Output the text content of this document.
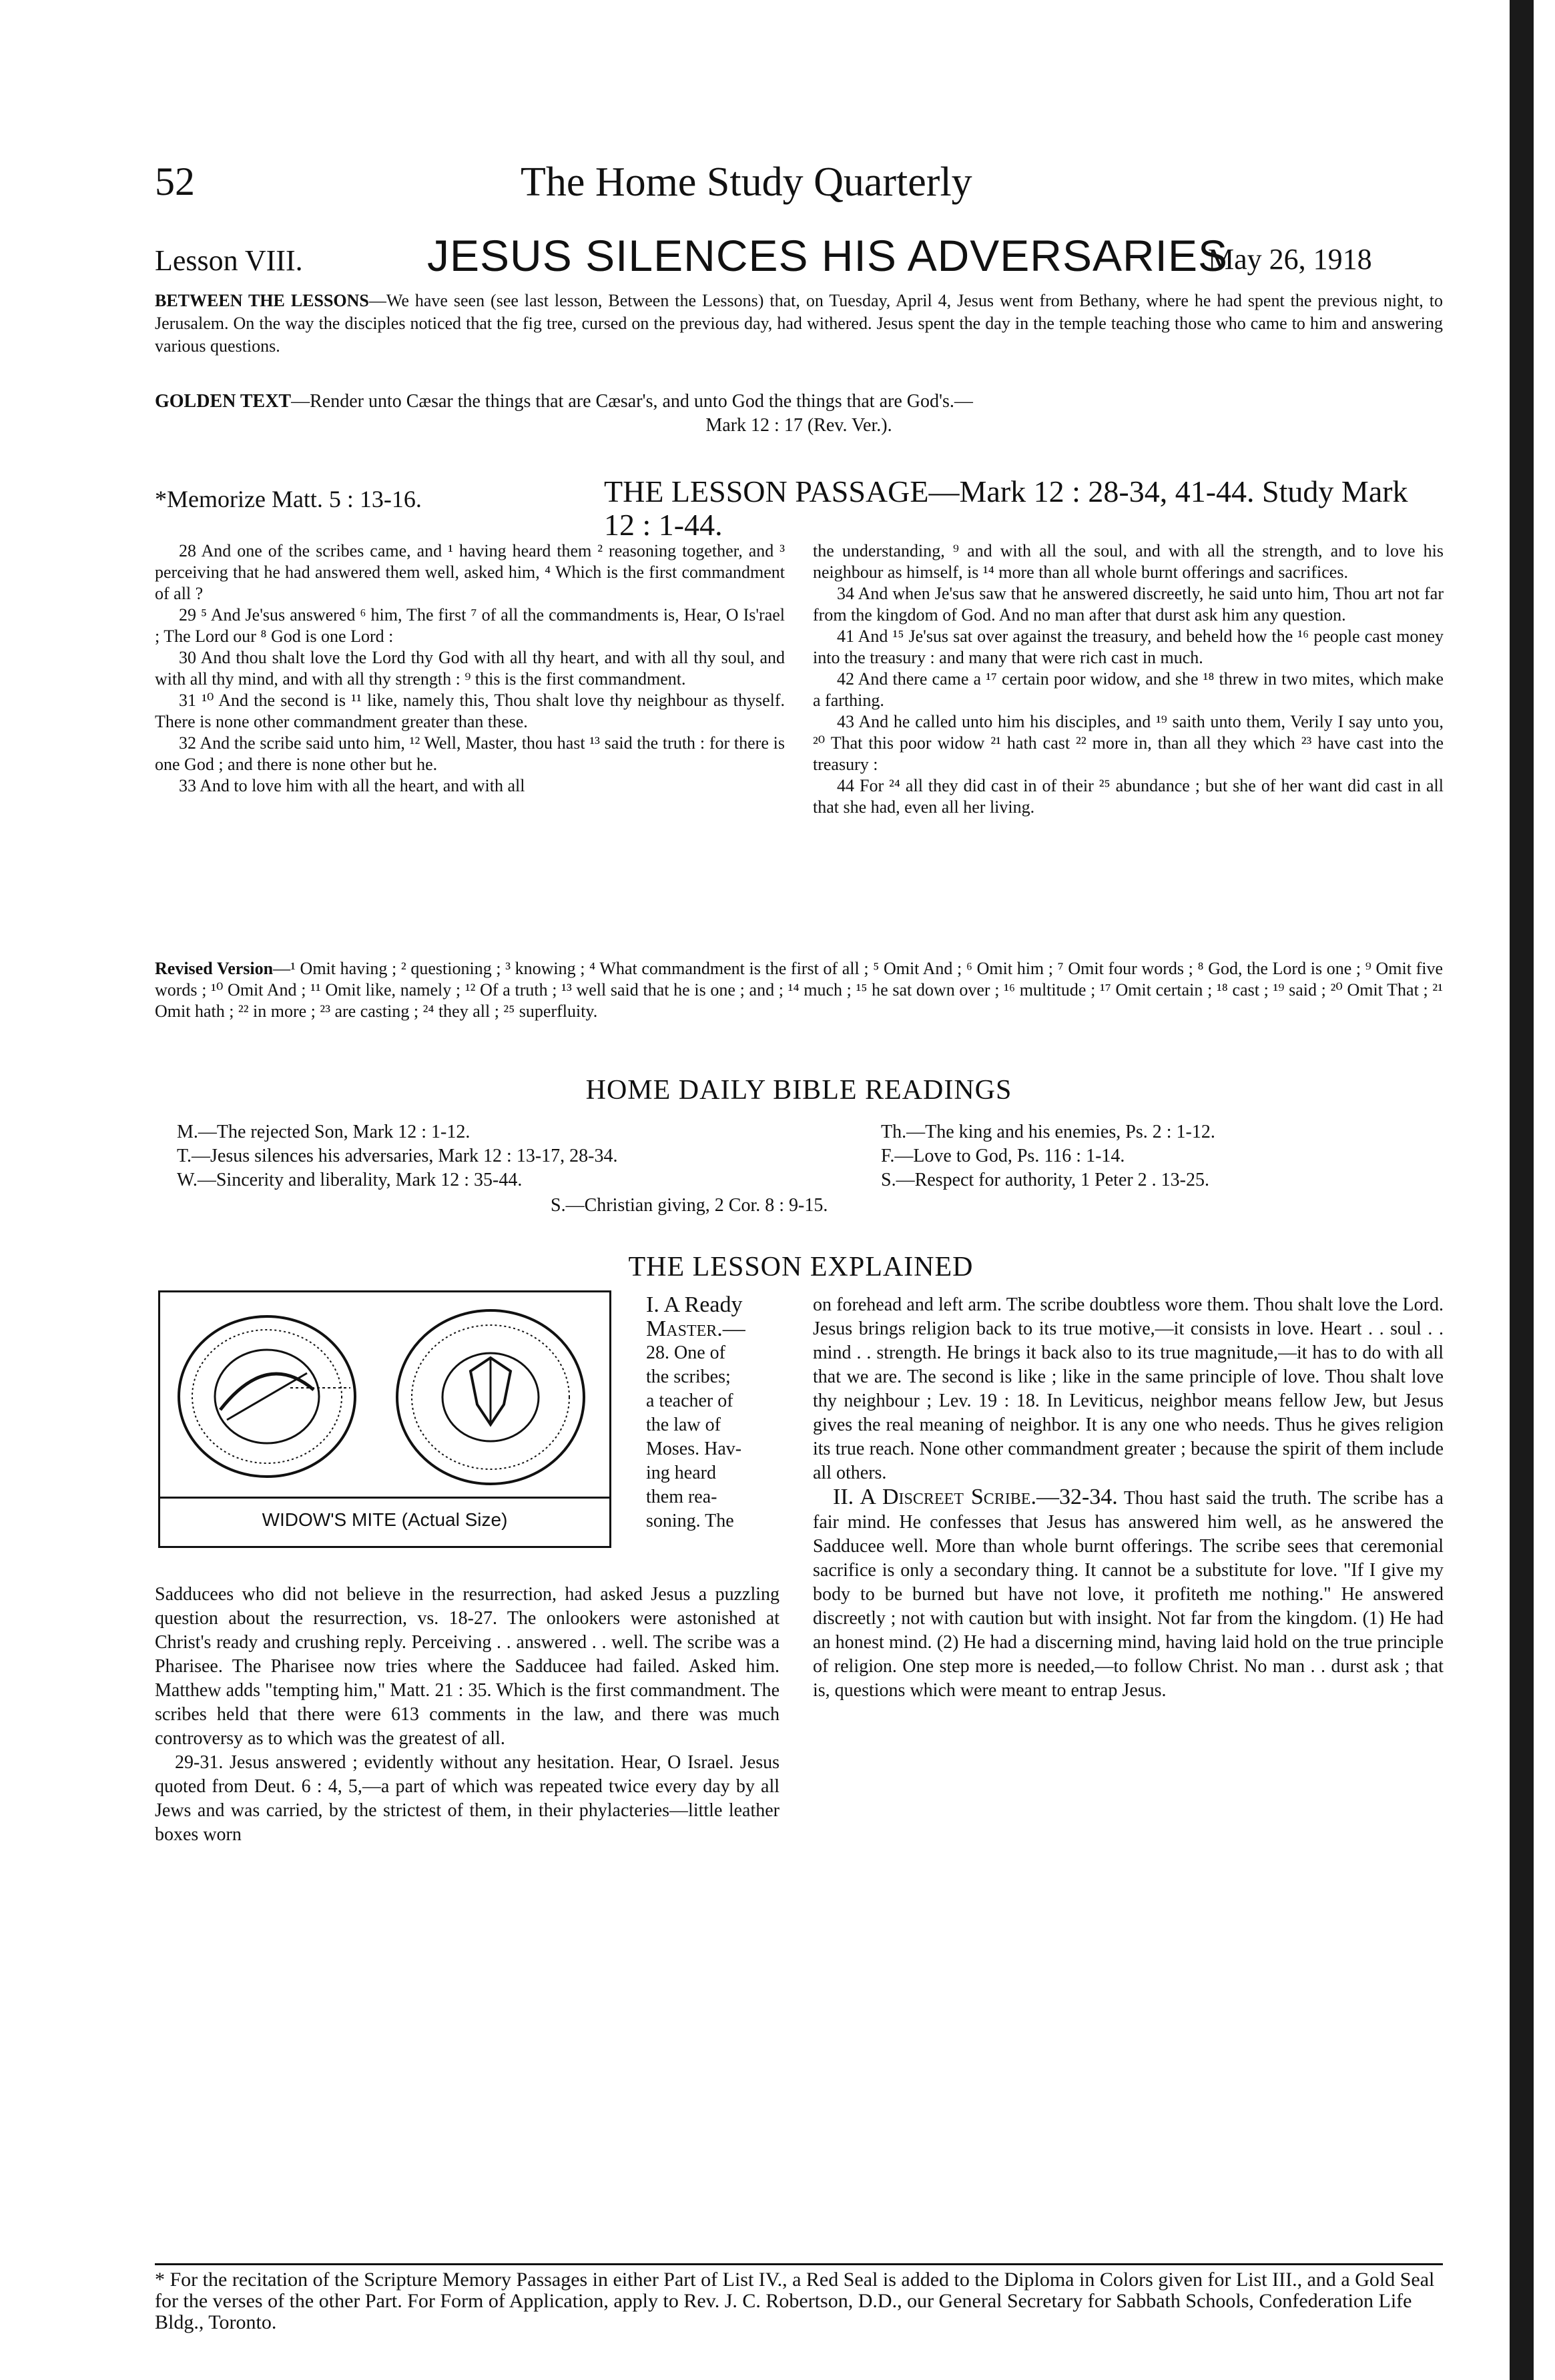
52	The Home Study Quarterly
Lesson VIII.	JESUS SILENCES HIS ADVERSARIES
May 26, 1918
BETWEEN THE LESSONS—We have seen (see last lesson, Between the Lessons) that, on Tuesday, April 4, Jesus went from Bethany, where he had spent the previous night, to Jerusalem. On the way the disciples noticed that the fig tree, cursed on the previous day, had withered. Jesus spent the day in the temple teaching those who came to him and answering various questions.
GOLDEN TEXT—Render unto Cæsar the things that are Cæsar's, and unto God the things that are God's.—
Mark 12 : 17 (Rev. Ver.).
*Memorize Matt. 5 : 13-16.	THE LESSON PASSAGE—Mark 12 : 28-34, 41-44. Study Mark 12 : 1-44.

28 And one of the scribes came, and ¹ having heard them ² reasoning together, and ³ perceiving that he had answered them well, asked him, ⁴ Which is the first commandment of all ?

29 ⁵ And Je'sus answered ⁶ him, The first ⁷ of all the commandments is, Hear, O Is'rael ; The Lord our ⁸ God is one Lord :

30 And thou shalt love the Lord thy God with all thy heart, and with all thy soul, and with all thy mind, and with all thy strength : ⁹ this is the first commandment.

31 ¹⁰ And the second is ¹¹ like, namely this, Thou shalt love thy neighbour as thyself. There is none other commandment greater than these.

32 And the scribe said unto him, ¹² Well, Master, thou hast ¹³ said the truth : for there is one God ; and there is none other but he.

33 And to love him with all the heart, and with all

the understanding, ⁹ and with all the soul, and with all the strength, and to love his neighbour as himself, is ¹⁴ more than all whole burnt offerings and sacrifices.

34 And when Je'sus saw that he answered discreetly, he said unto him, Thou art not far from the kingdom of God. And no man after that durst ask him any question.

41 And ¹⁵ Je'sus sat over against the treasury, and beheld how the ¹⁶ people cast money into the treasury : and many that were rich cast in much.

42 And there came a ¹⁷ certain poor widow, and she ¹⁸ threw in two mites, which make a farthing.

43 And he called unto him his disciples, and ¹⁹ saith unto them, Verily I say unto you, ²⁰ That this poor widow ²¹ hath cast ²² more in, than all they which ²³ have cast into the treasury :

44 For ²⁴ all they did cast in of their ²⁵ abundance ; but she of her want did cast in all that she had, even all her living.

Revised Version—¹ Omit having ; ² questioning ; ³ knowing ; ⁴ What commandment is the first of all ; ⁵ Omit And ; ⁶ Omit him ; ⁷ Omit four words ; ⁸ God, the Lord is one ; ⁹ Omit five words ; ¹⁰ Omit And ; ¹¹ Omit like, namely ; ¹² Of a truth ; ¹³ well said that he is one ; and ; ¹⁴ much ; ¹⁵ he sat down over ; ¹⁶ multitude ; ¹⁷ Omit certain ; ¹⁸ cast ; ¹⁹ said ; ²⁰ Omit That ; ²¹ Omit hath ; ²² in more ; ²³ are casting ; ²⁴ they all ; ²⁵ superfluity.
HOME DAILY BIBLE READINGS
M.—The rejected Son, Mark 12 : 1-12.
T.—Jesus silences his adversaries, Mark 12 : 13-17, 28-34.
W.—Sincerity and liberality, Mark 12 : 35-44.
Th.—The king and his enemies, Ps. 2 : 1-12.
F.—Love to God, Ps. 116 : 1-14.
S.—Respect for authority, 1 Peter 2 . 13-25.
S.—Christian giving, 2 Cor. 8 : 9-15.
THE LESSON EXPLAINED
WIDOW'S MITE (Actual Size)

I. A Ready

Master.—

28. One of

the scribes;

a teacher of

the law of

Moses. Hav-

ing heard

them rea-

soning. The

Sadducees who did not believe in the resurrection, had asked Jesus a puzzling question about the resurrection, vs. 18-27. The onlookers were astonished at Christ's ready and crushing reply. Perceiving . . answered . . well. The scribe was a Pharisee. The Pharisee now tries where the Sadducee had failed. Asked him. Matthew adds "tempting him," Matt. 21 : 35. Which is the first commandment. The scribes held that there were 613 comments in the law, and there was much controversy as to which was the greatest of all.

29-31. Jesus answered ; evidently without any hesitation. Hear, O Israel. Jesus quoted from Deut. 6 : 4, 5,—a part of which was repeated twice every day by all Jews and was carried, by the strictest of them, in their phylacteries—little leather boxes worn

on forehead and left arm. The scribe doubtless wore them. Thou shalt love the Lord. Jesus brings religion back to its true motive,—it consists in love. Heart . . soul . . mind . . strength. He brings it back also to its true magnitude,—it has to do with all that we are. The second is like ; like in the same principle of love. Thou shalt love thy neighbour ; Lev. 19 : 18. In Leviticus, neighbor means fellow Jew, but Jesus gives the real meaning of neighbor. It is any one who needs. Thus he gives religion its true reach. None other commandment greater ; because the spirit of them include all others.

II. A Discreet Scribe.—32-34. Thou hast said the truth. The scribe has a fair mind. He confesses that Jesus has answered him well, as he answered the Sadducee well. More than whole burnt offerings. The scribe sees that ceremonial sacrifice is only a secondary thing. It cannot be a substitute for love. "If I give my body to be burned but have not love, it profiteth me nothing." He answered discreetly ; not with caution but with insight. Not far from the kingdom. (1) He had an honest mind. (2) He had a discerning mind, having laid hold on the true principle of religion. One step more is needed,—to follow Christ. No man . . durst ask ; that is, questions which were meant to entrap Jesus.

* For the recitation of the Scripture Memory Passages in either Part of List IV., a Red Seal is added to the Diploma in Colors given for List III., and a Gold Seal for the verses of the other Part. For Form of Application, apply to Rev. J. C. Robertson, D.D., our General Secretary for Sabbath Schools, Confederation Life Bldg., Toronto.
